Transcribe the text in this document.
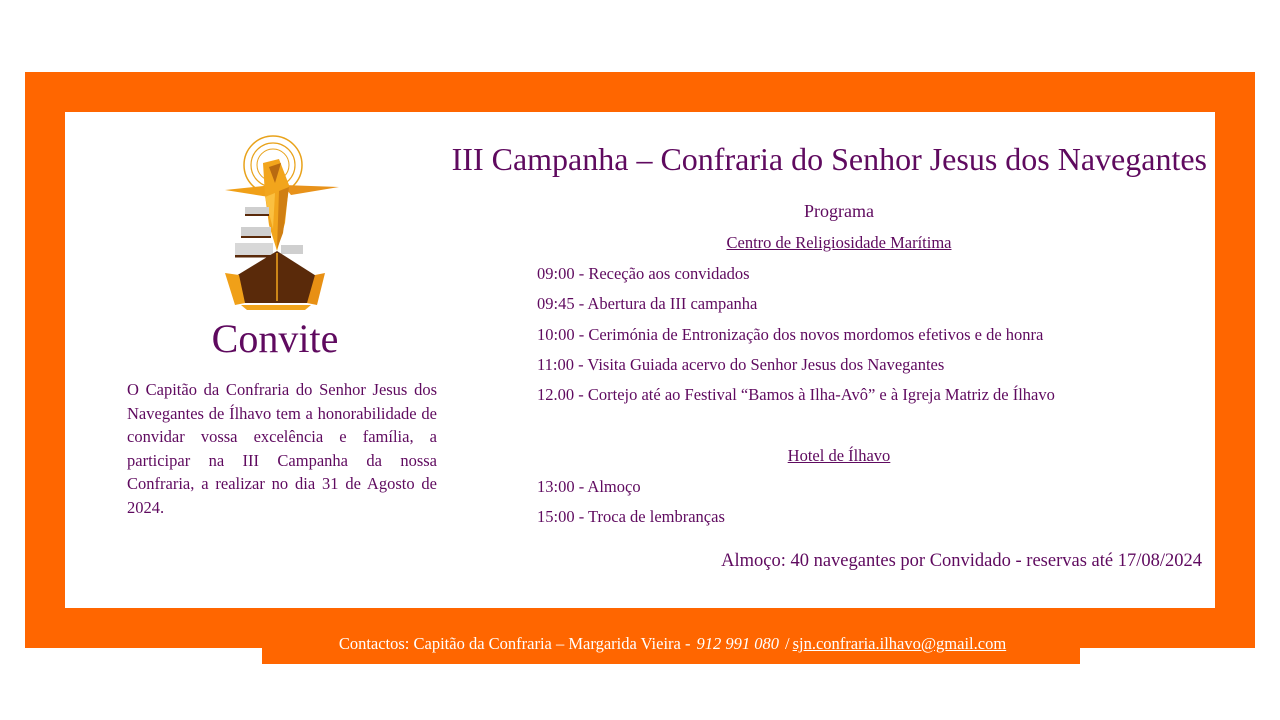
Convite

O Capitão da Confraria do Senhor Jesus dos Navegantes de Ílhavo tem a honorabilidade de convidar vossa excelência e família, a participar na III Campanha da nossa Confraria, a realizar no dia 31 de Agosto de 2024.

III Campanha – Confraria do Senhor Jesus dos Navegantes
Programa
Centro de Religiosidade Marítima
09:00 - Receção aos convidados
09:45 - Abertura da III campanha
10:00 - Cerimónia de Entronização dos novos mordomos efetivos e de honra
11:00 - Visita Guiada acervo do Senhor Jesus dos Navegantes
12.00 - Cortejo até ao Festival “Bamos à Ilha-Avô” e à Igreja Matriz de Ílhavo
Hotel de Ílhavo
13:00 - Almoço
15:00 - Troca de lembranças
Almoço: 40 navegantes por Convidado - reservas até 17/08/2024
Contactos: Capitão da Confraria – Margarida Vieira - 912 991 080 / sjn.confraria.ilhavo@gmail.com
